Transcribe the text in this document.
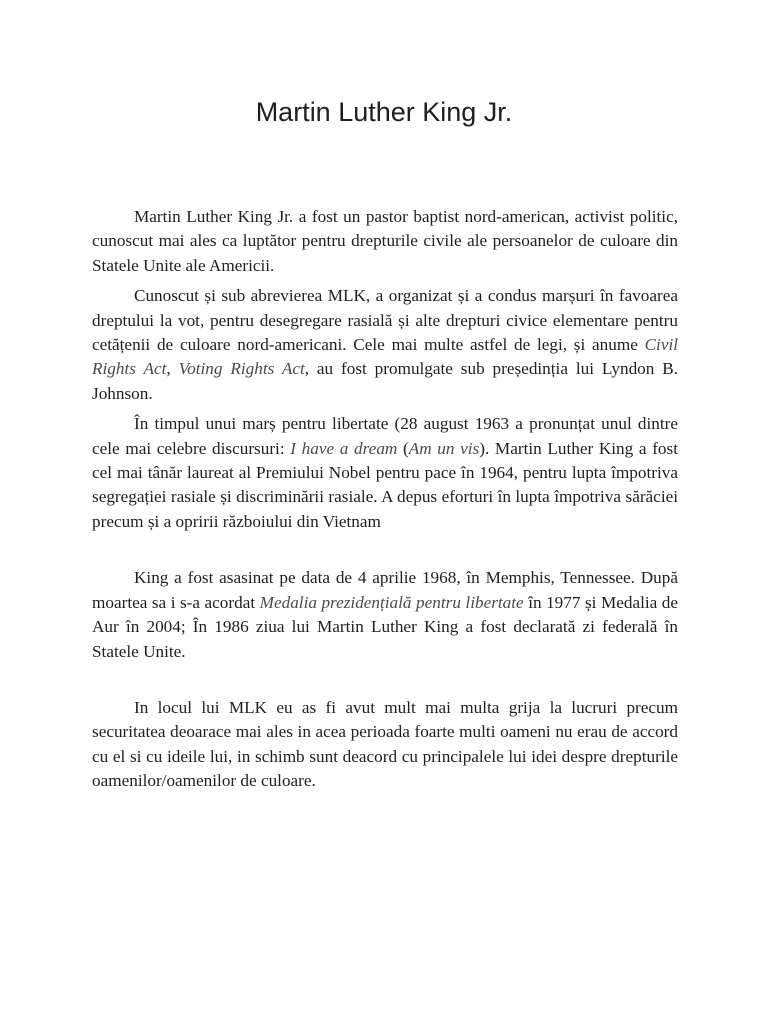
Martin Luther King Jr.

Martin Luther King Jr. a fost un pastor baptist nord-american, activist politic, cunoscut mai ales ca luptător pentru drepturile civile ale persoanelor de culoare din Statele Unite ale Americii.

Cunoscut și sub abrevierea MLK, a organizat și a condus marșuri în favoarea dreptului la vot, pentru desegregare rasială și alte drepturi civice elementare pentru cetățenii de culoare nord-americani. Cele mai multe astfel de legi, și anume Civil Rights Act, Voting Rights Act, au fost promulgate sub președinția lui Lyndon B. Johnson.

În timpul unui marș pentru libertate (28 august 1963 a pronunțat unul dintre cele mai celebre discursuri: I have a dream (Am un vis). Martin Luther King a fost cel mai tânăr laureat al Premiului Nobel pentru pace în 1964, pentru lupta împotriva segregației rasiale și discriminării rasiale. A depus eforturi în lupta împotriva sărăciei precum și a opririi războiului din Vietnam

King a fost asasinat pe data de 4 aprilie 1968, în Memphis, Tennessee. După moartea sa i s-a acordat Medalia prezidențială pentru libertate în 1977 și Medalia de Aur în 2004; În 1986 ziua lui Martin Luther King a fost declarată zi federală în Statele Unite.

In locul lui MLK eu as fi avut mult mai multa grija la lucruri precum securitatea deoarace mai ales in acea perioada foarte multi oameni nu erau de accord cu el si cu ideile lui, in schimb sunt deacord cu principalele lui idei despre drepturile oamenilor/oamenilor de culoare.
